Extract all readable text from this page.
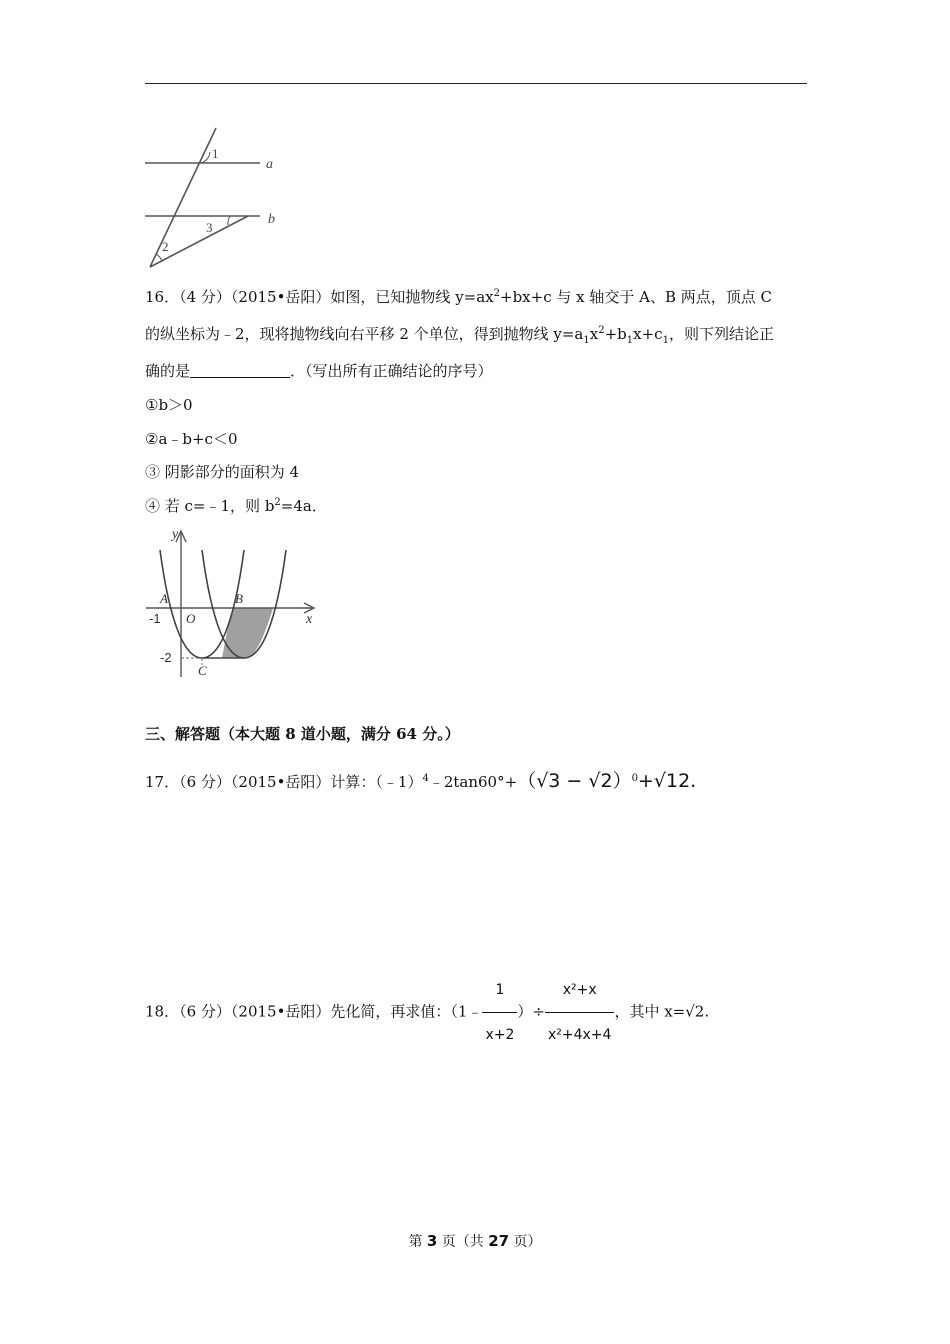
1
a
b
3
2
16．（4 分）（2015•岳阳）如图，已知抛物线 $y=ax^2+bx+c$ 与 x 轴交于 A、B 两点，顶点 C
的纵坐标为﹣2，现将抛物线向右平移 2 个单位，得到抛物线 $y=a_1x^2+b_1x+c_1$，则下列结论正
确的是	．（写出所有正确结论的序号）
①b＞0
②a﹣b+c＜0
③ 阴影部分的面积为 4
④ 若 c=﹣1，则 $b^2=4a$．
y
x
A	B
O
-1
-2
C
三、解答题（本大题 8 道小题，满分 64 分。）
17．（6 分）（2015•岳阳）计算：（﹣1）$^4$﹣2tan60°+（√3 − √2）$^0$+√12.
18．（6 分）（2015•岳阳）先化简，再求值：（1﹣ $\frac{1}{x+2}$ ）÷ $\frac{\text{x²+x}}{\text{x²+4x+4}}$ ，其中 x=√2.
第 3 页（共 27 页）
